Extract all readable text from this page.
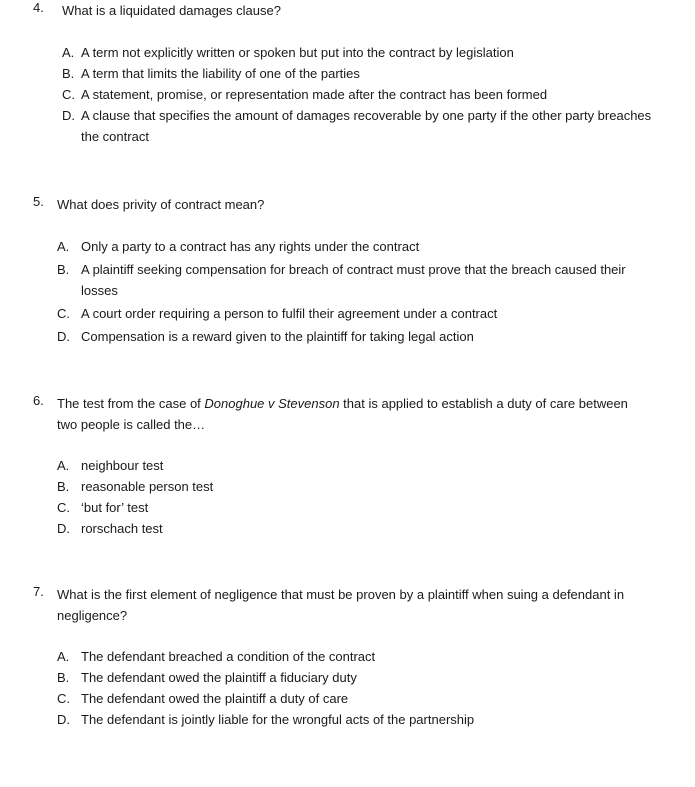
4. What is a liquidated damages clause?
A. A term not explicitly written or spoken but put into the contract by legislation
B. A term that limits the liability of one of the parties
C. A statement, promise, or representation made after the contract has been formed
D. A clause that specifies the amount of damages recoverable by one party if the other party breaches the contract
5. What does privity of contract mean?
A. Only a party to a contract has any rights under the contract
B. A plaintiff seeking compensation for breach of contract must prove that the breach caused their losses
C. A court order requiring a person to fulfil their agreement under a contract
D. Compensation is a reward given to the plaintiff for taking legal action
6. The test from the case of Donoghue v Stevenson that is applied to establish a duty of care between two people is called the…
A. neighbour test
B. reasonable person test
C. ‘but for’ test
D. rorschach test
7. What is the first element of negligence that must be proven by a plaintiff when suing a defendant in negligence?
A. The defendant breached a condition of the contract
B. The defendant owed the plaintiff a fiduciary duty
C. The defendant owed the plaintiff a duty of care
D. The defendant is jointly liable for the wrongful acts of the partnership
